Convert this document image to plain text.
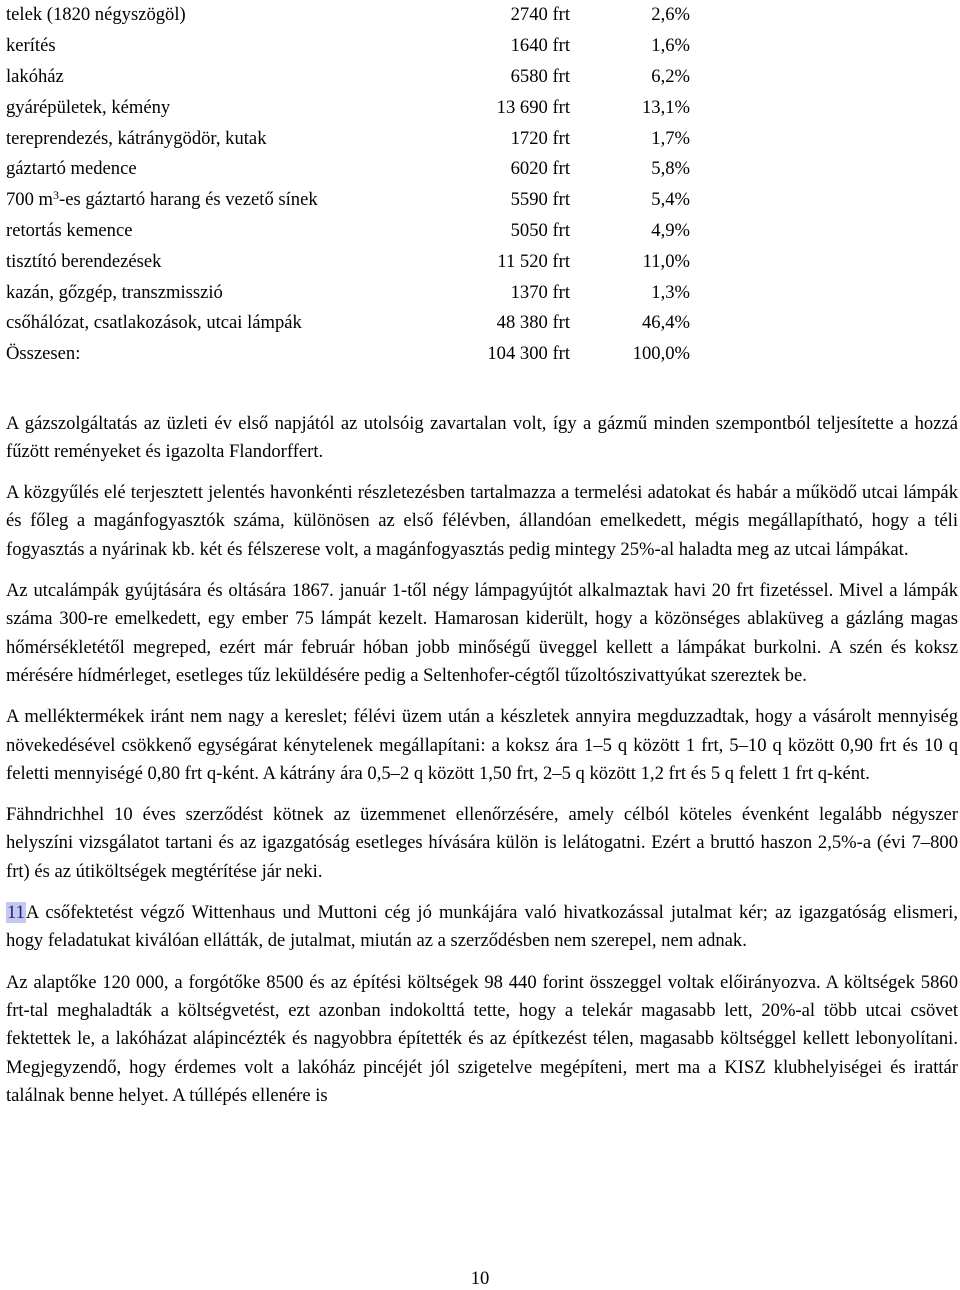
telek (1820 négyszögöl)	2740 frt	2,6%
kerítés	1640 frt	1,6%
lakóház	6580 frt	6,2%
gyárépületek, kémény	13 690 frt	13,1%
tereprendezés, kátránygödör, kutak	1720 frt	1,7%
gáztartó medence	6020 frt	5,8%
700 $m^3-es$ gáztartó harang és vezető sínek	5590 frt	5,4%
retortás kemence	5050 frt	4,9%
tisztító berendezések	11 520 frt	11,0%
kazán, gőzgép, transzmisszió	1370 frt	1,3%
csőhálózat, csatlakozások, utcai lámpák	48 380 frt	46,4%
Összesen:	104 300 frt	100,0%

A gázszolgáltatás az üzleti év első napjától az utolsóig zavartalan volt, így a gázmű minden szempontból teljesítette a hozzá fűzött reményeket és igazolta Flandorffert.

A közgyűlés elé terjesztett jelentés havonkénti részletezésben tartalmazza a termelési adatokat és habár a működő utcai lámpák és főleg a magánfogyasztók száma, különösen az első félévben, állandóan emelkedett, mégis megállapítható, hogy a téli fogyasztás a nyárinak kb. két és félszerese volt, a magánfogyasztás pedig mintegy 25%-al haladta meg az utcai lámpákat.

Az utcalámpák gyújtására és oltására 1867. január 1-től négy lámpagyújtót alkalmaztak havi 20 frt fizetéssel. Mivel a lámpák száma 300-re emelkedett, egy ember 75 lámpát kezelt. Hamarosan kiderült, hogy a közönséges ablaküveg a gázláng magas hőmérsékletétől megreped, ezért már február hóban jobb minőségű üveggel kellett a lámpákat burkolni. A szén és koksz mérésére hídmérleget, esetleges tűz leküldésére pedig a Seltenhofer-cégtől tűzoltószivattyúkat szereztek be.

A melléktermékek iránt nem nagy a kereslet; félévi üzem után a készletek annyira megduzzadtak, hogy a vásárolt mennyiség növekedésével csökkenő egységárat kénytelenek megállapítani: a koksz ára 1–5 q között 1 frt, 5–10 q között 0,90 frt és 10 q feletti mennyiségé 0,80 frt q-ként. A kátrány ára 0,5–2 q között 1,50 frt, 2–5 q között 1,2 frt és 5 q felett 1 frt q-ként.

Fähndrichhel 10 éves szerződést kötnek az üzemmenet ellenőrzésére, amely célból köteles évenként legalább négyszer helyszíni vizsgálatot tartani és az igazgatóság esetleges hívására külön is lelátogatni. Ezért a bruttó haszon 2,5%-a (évi 7–800 frt) és az útiköltségek megtérítése jár neki.

11A csőfektetést végző Wittenhaus und Muttoni cég jó munkájára való hivatkozással jutalmat kér; az igazgatóság elismeri, hogy feladatukat kiválóan ellátták, de jutalmat, miután az a szerződésben nem szerepel, nem adnak.

Az alaptőke 120 000, a forgótőke 8500 és az építési költségek 98 440 forint összeggel voltak előirányozva. A költségek 5860 frt-tal meghaladták a költségvetést, ezt azonban indokolttá tette, hogy a telekár magasabb lett, 20%-al több utcai csövet fektettek le, a lakóházat alápincézték és nagyobbra építették és az építkezést télen, magasabb költséggel kellett lebonyolítani. Megjegyzendő, hogy érdemes volt a lakóház pincéjét jól szigetelve megépíteni, mert ma a KISZ klubhelyiségei és irattár találnak benne helyet. A túllépés ellenére is

10
